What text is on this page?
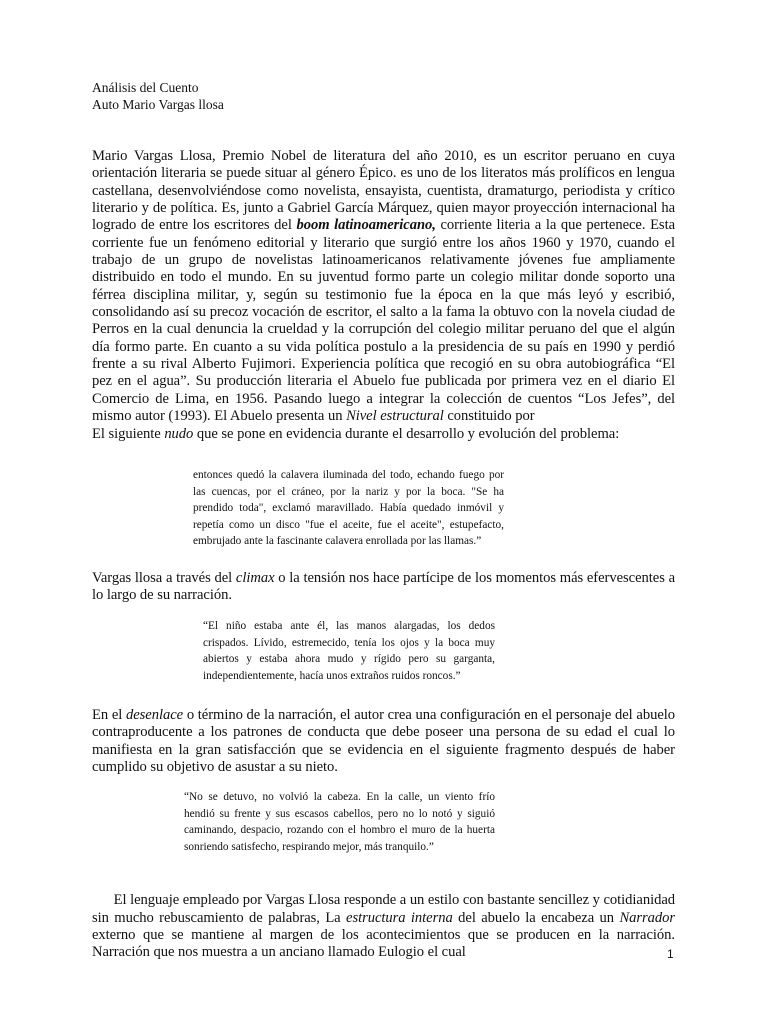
Análisis del Cuento
Auto Mario Vargas llosa
Mario Vargas Llosa, Premio Nobel de literatura del año 2010, es un escritor peruano en cuya orientación literaria se puede situar al género Épico. es uno de los literatos más prolíficos en lengua castellana, desenvolviéndose como novelista, ensayista, cuentista, dramaturgo, periodista y crítico literario y de política. Es, junto a Gabriel García Márquez, quien mayor proyección internacional ha logrado de entre los escritores del boom latinoamericano, corriente literia a la que pertenece. Esta corriente fue un fenómeno editorial y literario que surgió entre los años 1960 y 1970, cuando el trabajo de un grupo de novelistas latinoamericanos relativamente jóvenes fue ampliamente distribuido en todo el mundo. En su juventud formo parte un colegio militar donde soporto una férrea disciplina militar, y, según su testimonio fue la época en la que más leyó y escribió, consolidando así su precoz vocación de escritor, el salto a la fama la obtuvo con la novela ciudad de Perros en la cual denuncia la crueldad y la corrupción del colegio militar peruano del que el algún día formo parte. En cuanto a su vida política postulo a la presidencia de su país en 1990 y perdió frente a su rival Alberto Fujimori. Experiencia política que recogió en su obra autobiográfica “El pez en el agua”. Su producción literaria el Abuelo fue publicada por primera vez en el diario El Comercio de Lima, en 1956. Pasando luego a integrar la colección de cuentos “Los Jefes”, del mismo autor (1993). El Abuelo presenta un Nivel estructural constituido por
El siguiente nudo que se pone en evidencia durante el desarrollo y evolución del problema:
entonces quedó la calavera iluminada del todo, echando fuego por las cuencas, por el cráneo, por la nariz y por la boca. "Se ha prendido toda", exclamó maravillado. Había quedado inmóvil y repetía como un disco "fue el aceite, fue el aceite", estupefacto, embrujado ante la fascinante calavera enrollada por las llamas.”
Vargas llosa a través del climax o la tensión nos hace partícipe de los momentos más efervescentes a lo largo de su narración.
“El niño estaba ante él, las manos alargadas, los dedos crispados. Lívido, estremecido, tenía los ojos y la boca muy abiertos y estaba ahora mudo y rígido pero su garganta, independientemente, hacía unos extraños ruidos roncos.”
En el desenlace o término de la narración, el autor crea una configuración en el personaje del abuelo contraproducente a los patrones de conducta que debe poseer una persona de su edad el cual lo manifiesta en la gran satisfacción que se evidencia en el siguiente fragmento después de haber cumplido su objetivo de asustar a su nieto.
“No se detuvo, no volvió la cabeza. En la calle, un viento frío hendió su frente y sus escasos cabellos, pero no lo notó y siguió caminando, despacio, rozando con el hombro el muro de la huerta sonriendo satisfecho, respirando mejor, más tranquilo.”

El lenguaje empleado por Vargas Llosa responde a un estilo con bastante sencillez y cotidianidad sin mucho rebuscamiento de palabras, La estructura interna del abuelo la encabeza un Narrador externo que se mantiene al margen de los acontecimientos que se producen en la narración. Narración que nos muestra a un anciano llamado Eulogio el cual
	1
